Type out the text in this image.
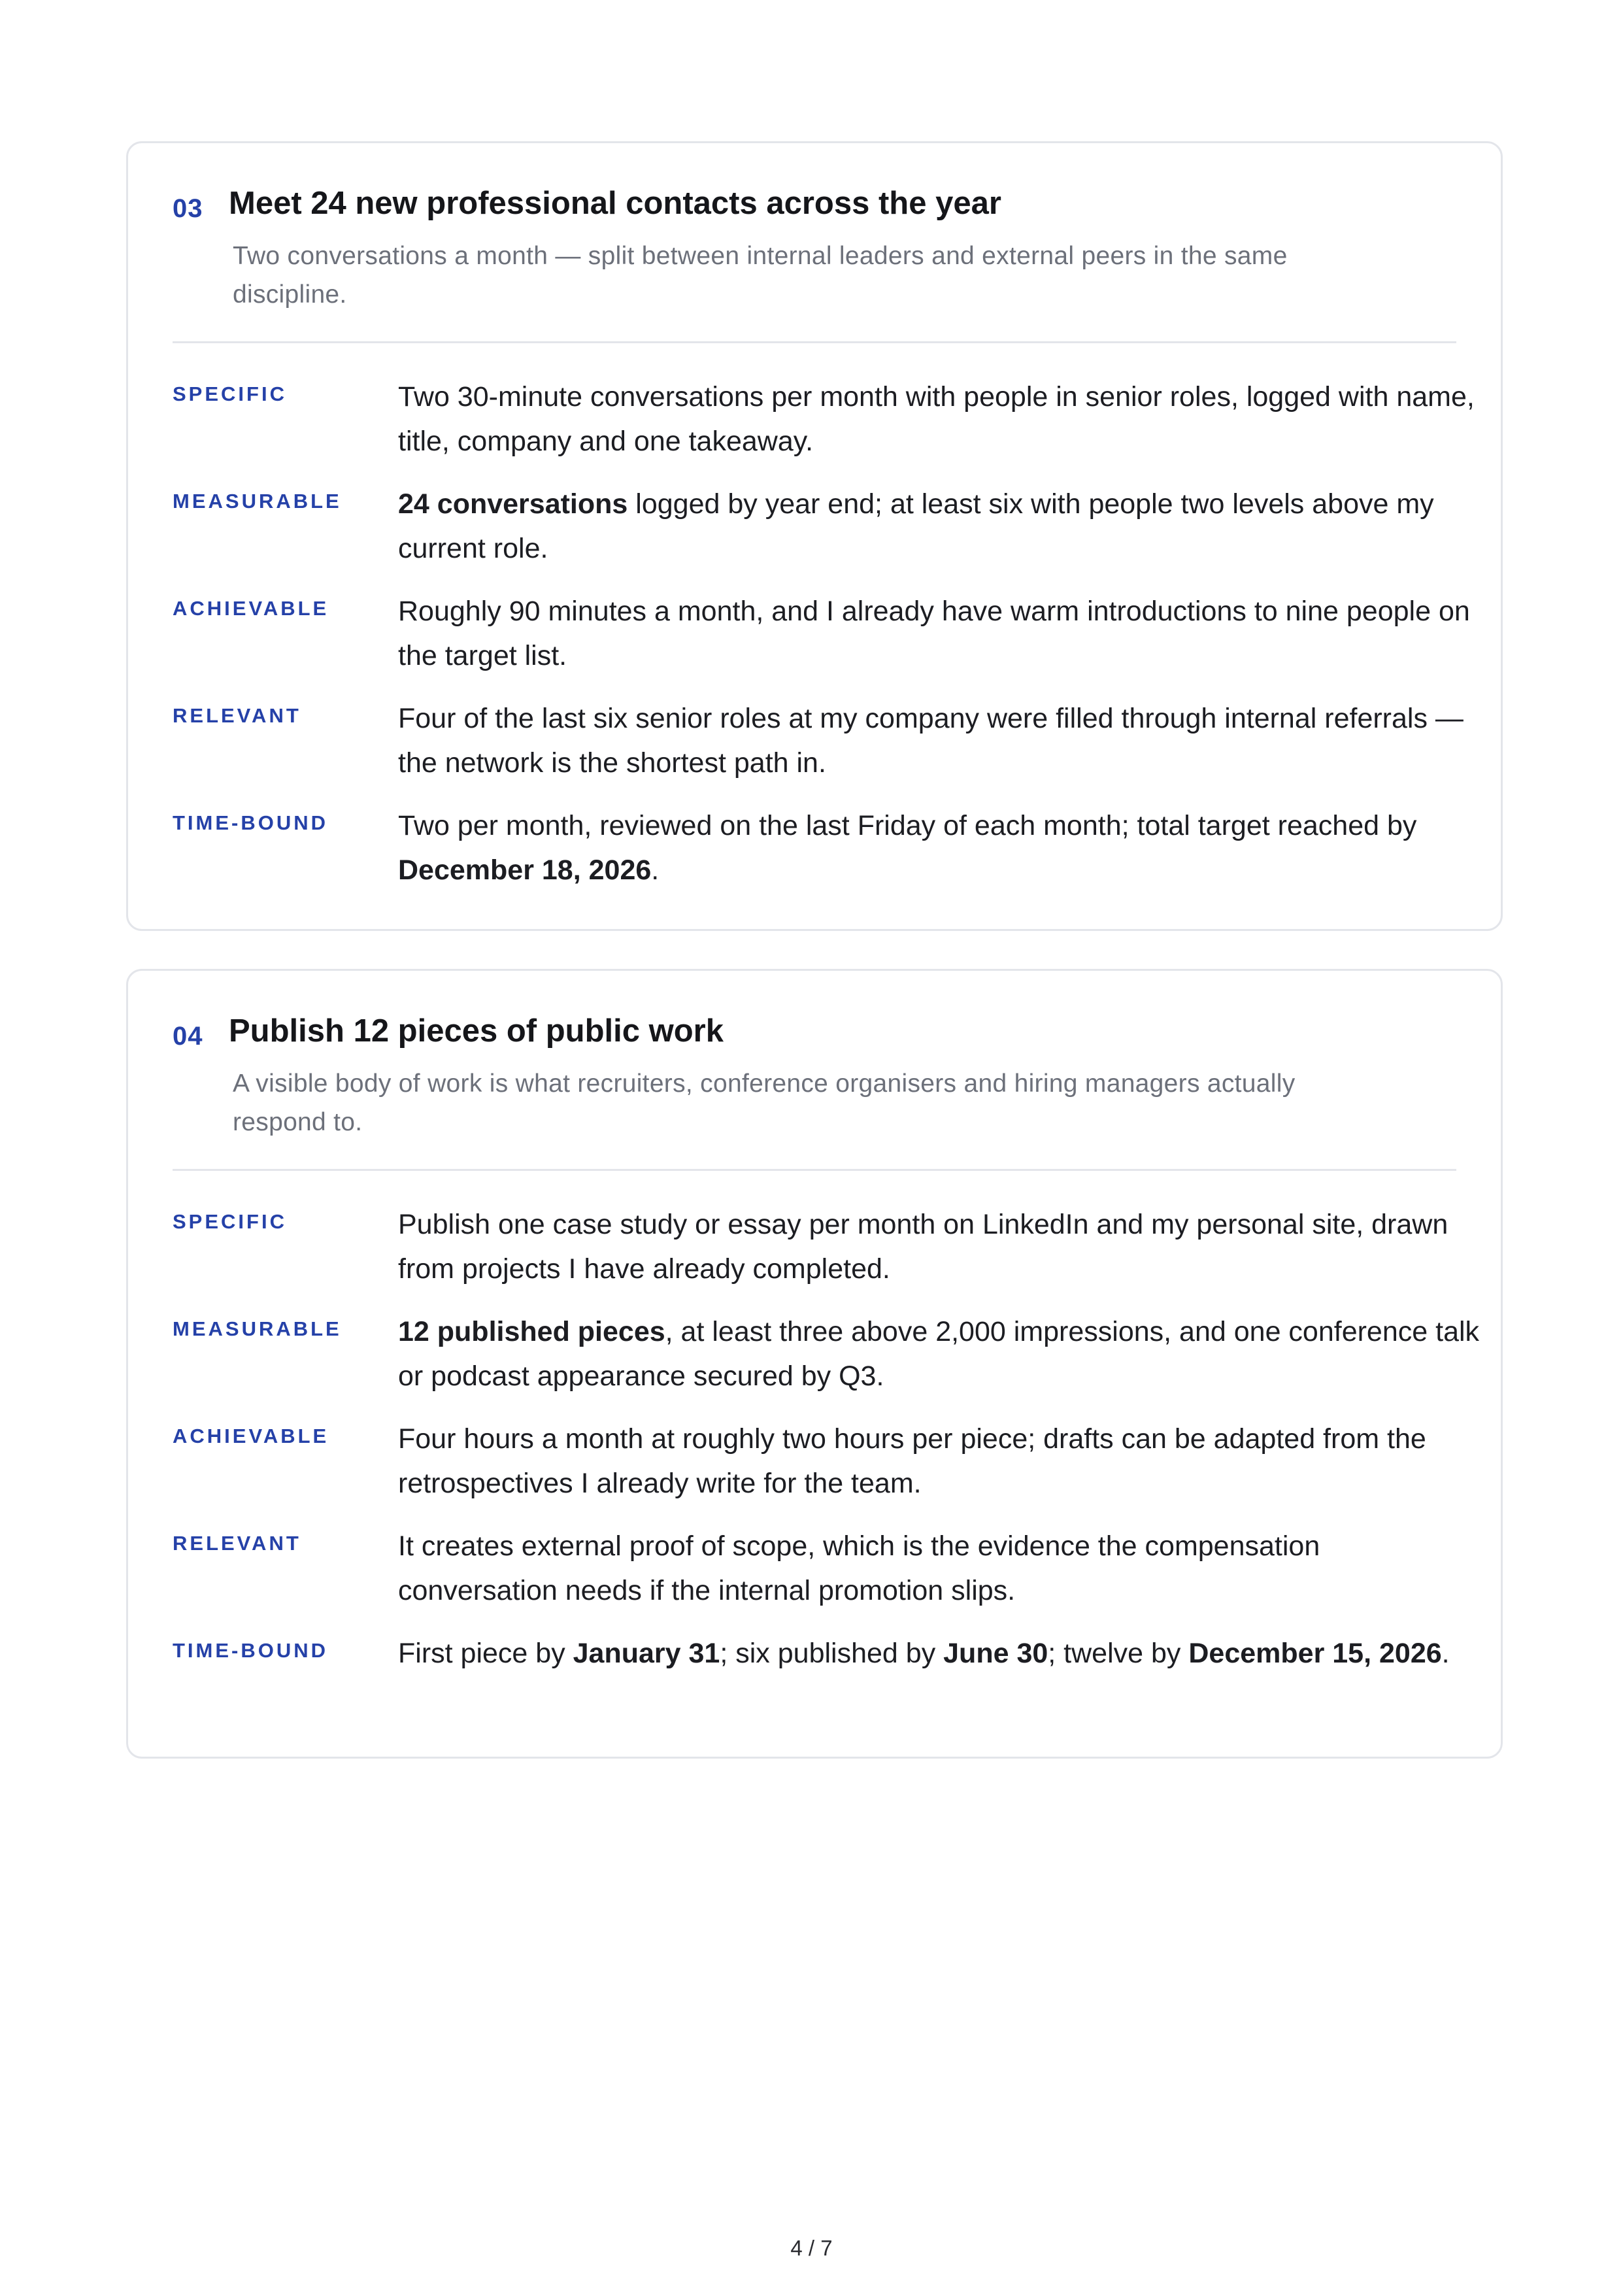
03 Meet 24 new professional contacts across the year
Two conversations a month — split between internal leaders and external peers in the same discipline.
SPECIFIC	Two 30-minute conversations per month with people in senior roles, logged with name, title, company and one takeaway.
MEASURABLE 24 conversations logged by year end; at least six with people two levels above my current role.
ACHIEVABLE Roughly 90 minutes a month, and I already have warm introductions to nine people on the target list.
RELEVANT	Four of the last six senior roles at my company were filled through internal referrals — the network is the shortest path in.
TIME-BOUND Two per month, reviewed on the last Friday of each month; total target reached by December 18, 2026.
04 Publish 12 pieces of public work
A visible body of work is what recruiters, conference organisers and hiring managers actually respond to.
SPECIFIC	Publish one case study or essay per month on LinkedIn and my personal site, drawn from projects I have already completed.
MEASURABLE 12 published pieces, at least three above 2,000 impressions, and one conference talk or podcast appearance secured by Q3.
ACHIEVABLE Four hours a month at roughly two hours per piece; drafts can be adapted from the retrospectives I already write for the team.
RELEVANT	It creates external proof of scope, which is the evidence the compensation conversation needs if the internal promotion slips.
TIME-BOUND First piece by January 31; six published by June 30; twelve by December 15, 2026.
4 / 7
